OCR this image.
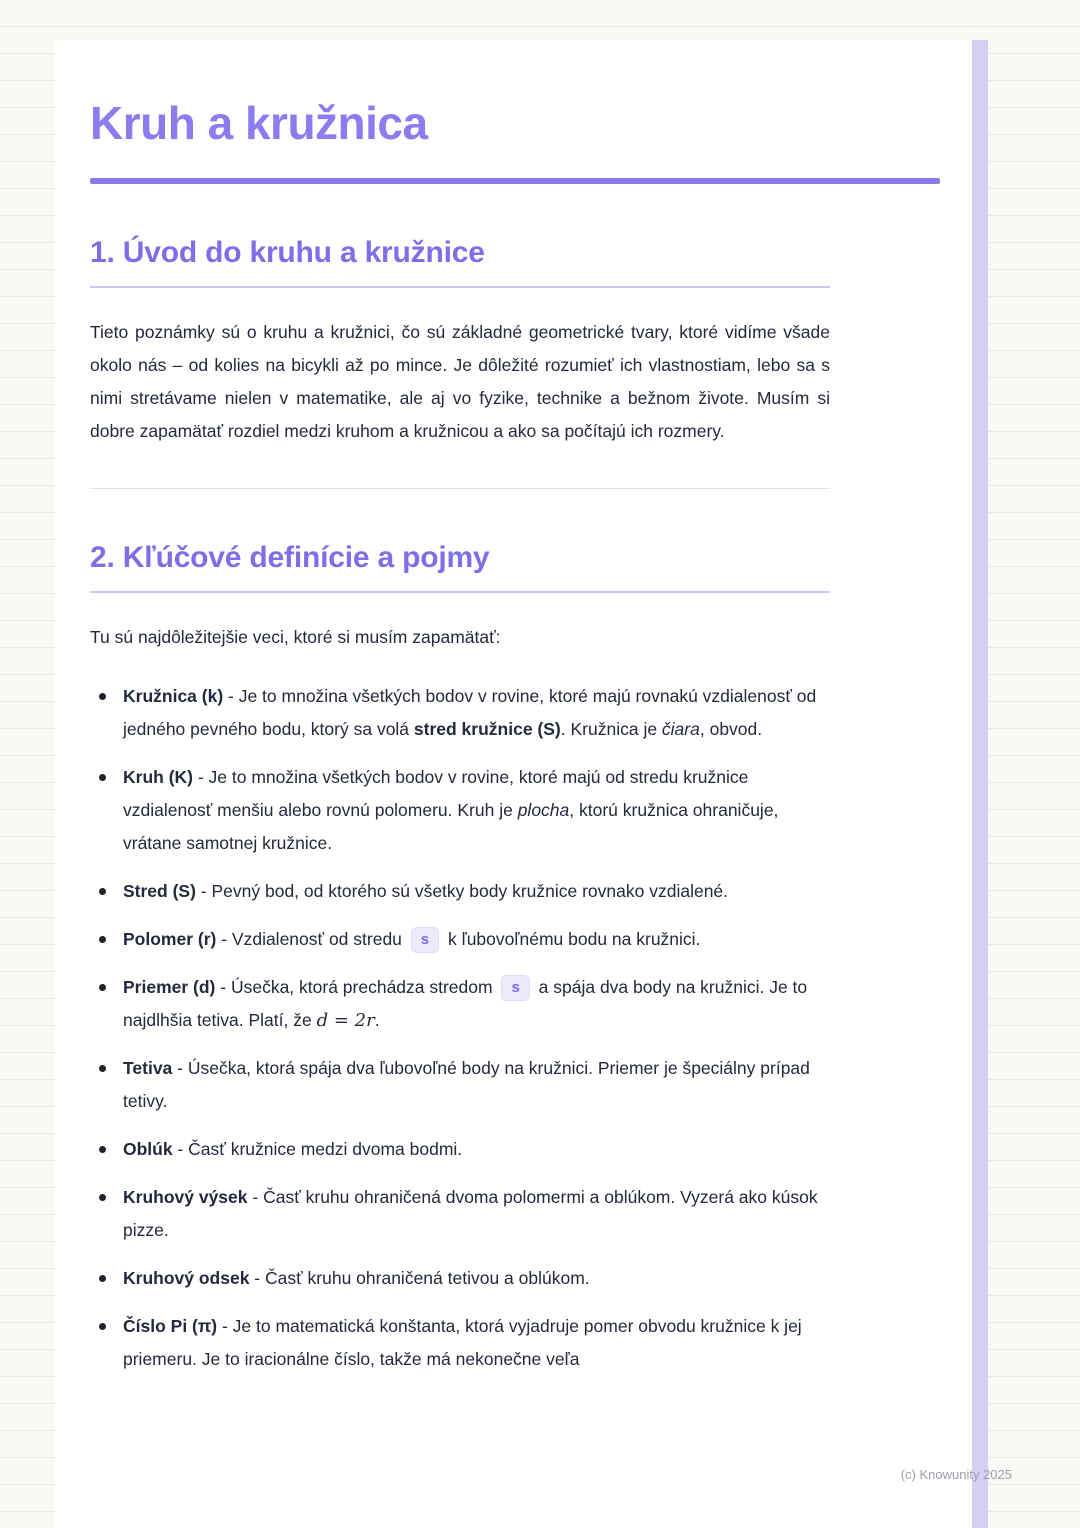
Kruh a kružnica
1. Úvod do kruhu a kružnice

Tieto poznámky sú o kruhu a kružnici, čo sú základné geometrické tvary, ktoré vidíme všade okolo nás – od kolies na bicykli až po mince. Je dôležité rozumieť ich vlastnostiam, lebo sa s nimi stretávame nielen v matematike, ale aj vo fyzike, technike a bežnom živote. Musím si dobre zapamätať rozdiel medzi kruhom a kružnicou a ako sa počítajú ich rozmery.

2. Kľúčové definície a pojmy

Tu sú najdôležitejšie veci, ktoré si musím zapamätať:

Kružnica (k) - Je to množina všetkých bodov v rovine, ktoré majú rovnakú vzdialenosť od jedného pevného bodu, ktorý sa volá stred kružnice (S). Kružnica je čiara, obvod.
Kruh (K) - Je to množina všetkých bodov v rovine, ktoré majú od stredu kružnice vzdialenosť menšiu alebo rovnú polomeru. Kruh je plocha, ktorú kružnica ohraničuje, vrátane samotnej kružnice.
Stred (S) - Pevný bod, od ktorého sú všetky body kružnice rovnako vzdialené.
Polomer (r) - Vzdialenosť od stredu s k ľubovoľnému bodu na kružnici.
Priemer (d) - Úsečka, ktorá prechádza stredom s a spája dva body na kružnici. Je to najdlhšia tetiva. Platí, že d = 2r.
Tetiva - Úsečka, ktorá spája dva ľubovoľné body na kružnici. Priemer je špeciálny prípad tetivy.
Oblúk - Časť kružnice medzi dvoma bodmi.
Kruhový výsek - Časť kruhu ohraničená dvoma polomermi a oblúkom. Vyzerá ako kúsok pizze.
Kruhový odsek - Časť kruhu ohraničená tetivou a oblúkom.
Číslo Pi (π) - Je to matematická konštanta, ktorá vyjadruje pomer obvodu kružnice k jej priemeru. Je to iracionálne číslo, takže má nekonečne veľa
(c) Knowunity 2025
